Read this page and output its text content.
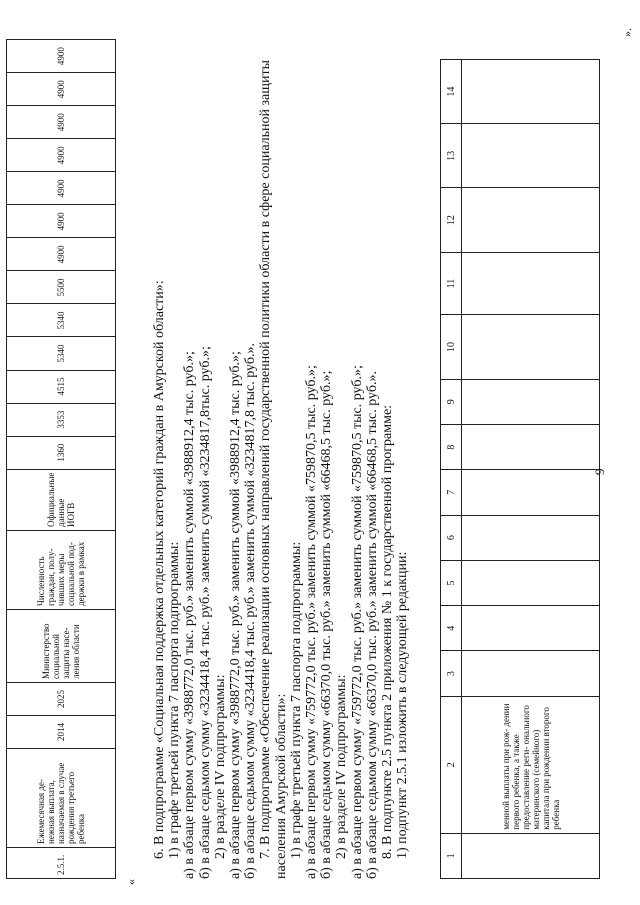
9
».
1	2	3	4	5	6	7	8	9	10	11	12	13	14
	менной выплаты при рож- дении первого ребенка, а также предоставление реги- онального материнского (семейного) капитала при рождении второго ребенка												

6. В подпрограмме «Социальная поддержка отдельных категорий граждан в Амурской области»: 1) в графе третьей пункта 7 паспорта подпрограммы: а) в абзаце первом сумму «3988772,0 тыс. руб.» заменить суммой «3988912,4 тыс. руб.»; б) в абзаце седьмом сумму «3234418,4 тыс. руб.» заменить суммой «3234817,8тыс. руб.»; 2) в разделе IV подпрограммы: а) в абзаце первом сумму «3988772,0 тыс. руб.» заменить суммой «3988912,4 тыс. руб.»; б) в абзаце седьмом сумму «3234418,4 тыс. руб.» заменить суммой «3234817,8 тыс. руб.». 7. В подпрограмме «Обеспечение реализации основных направлений государственной политики области в сфере социальной защиты населения Амурской области»: 1) в графе третьей пункта 7 паспорта подпрограммы: а) в абзаце первом сумму «759772,0 тыс. руб.» заменить суммой «759870,5 тыс. руб.»; б) в абзаце седьмом сумму «66370,0 тыс. руб.» заменить суммой «66468,5 тыс. руб.»; 2) в разделе IV подпрограммы: а) в абзаце первом сумму «759772,0 тыс. руб.» заменить суммой «759870,5 тыс. руб.»; б) в абзаце седьмом сумму «66370,0 тыс. руб.» заменить суммой «66468,5 тыс. руб.». 8. В подпункте 2.5 пункта 2 приложения № 1 к государственной программе: 1) подпункт 2.5.1 изложить в следующей редакции:

«
2.5.1.	Ежемесячная де- нежная выплата, назначаемая в случае рождения третьего ребенка	2014	2025	Министерство социальной защиты насе- ления области	Численность граждан, полу- чивших меры социальной под- держки в рамках	Официальные данные ИОГВ	1360	3353	4515	5340	5340	5500	4900	4900	4900	4900	4900	4900	4900
